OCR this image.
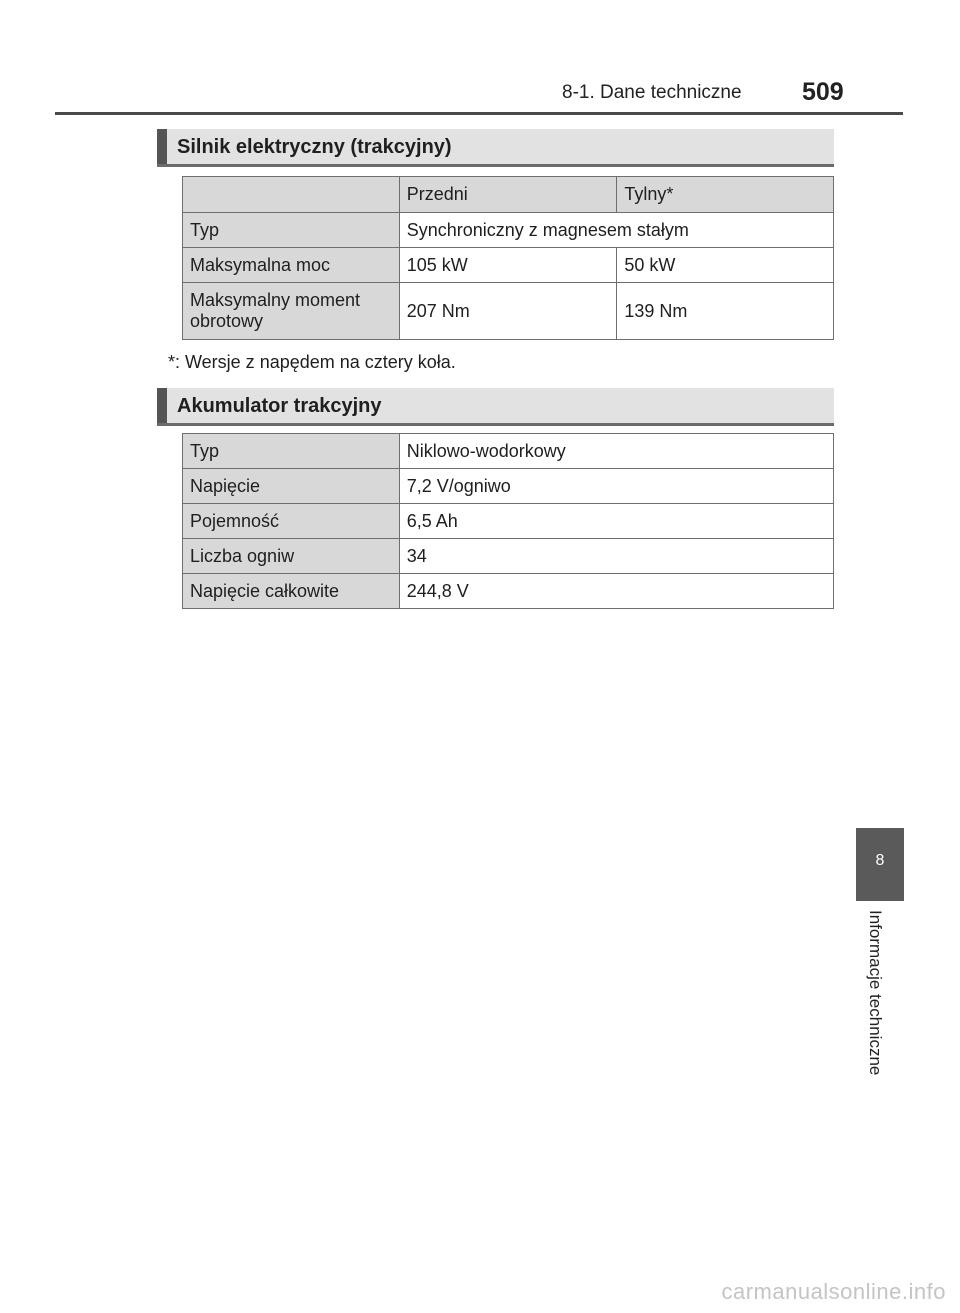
8-1. Dane techniczne 509
Silnik elektryczny (trakcyjny)
	Przedni	Tylny*
Typ	Synchroniczny z magnesem stałym	
Maksymalna moc	105 kW	50 kW
Maksymalny moment obrotowy	207 Nm	139 Nm
*: Wersje z napędem na cztery koła.
Akumulator trakcyjny
Typ	Niklowo-wodorkowy
Napięcie	7,2 V/ogniwo
Pojemność	6,5 Ah
Liczba ogniw	34
Napięcie całkowite	244,8 V
8
Informacje techniczne
carmanualsonline.info
